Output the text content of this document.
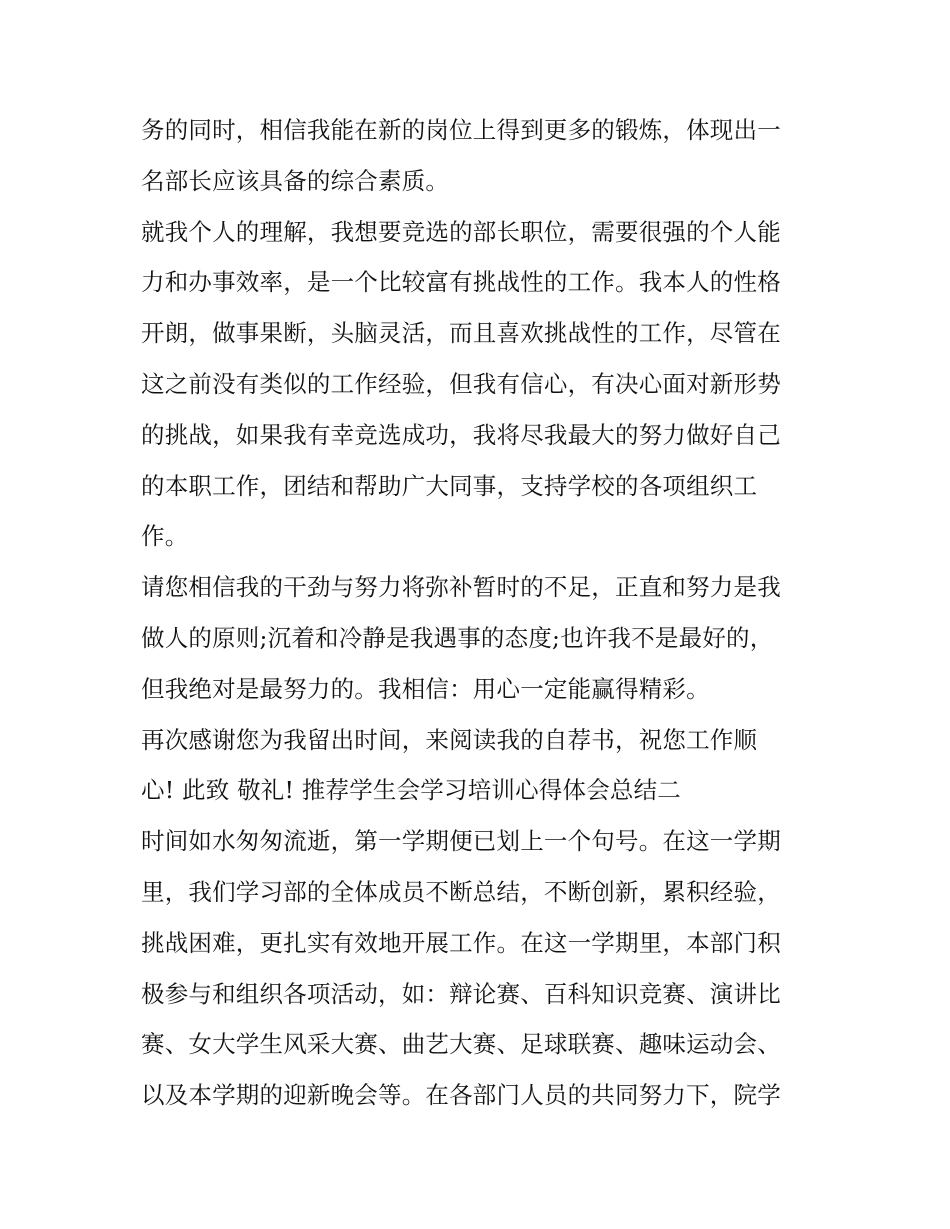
务的同时，相信我能在新的岗位上得到更多的锻炼，体现出一
名部长应该具备的综合素质。
就我个人的理解，我想要竞选的部长职位，需要很强的个人能
力和办事效率，是一个比较富有挑战性的工作。我本人的性格
开朗，做事果断，头脑灵活，而且喜欢挑战性的工作，尽管在
这之前没有类似的工作经验，但我有信心，有决心面对新形势
的挑战，如果我有幸竞选成功，我将尽我最大的努力做好自己
的本职工作，团结和帮助广大同事，支持学校的各项组织工
作。
请您相信我的干劲与努力将弥补暂时的不足，正直和努力是我
做人的原则;沉着和冷静是我遇事的态度;也许我不是最好的，
但我绝对是最努力的。我相信：用心一定能赢得精彩。
再次感谢您为我留出时间，来阅读我的自荐书，祝您工作顺
心! 此致 敬礼! 推荐学生会学习培训心得体会总结二
时间如水匆匆流逝，第一学期便已划上一个句号。在这一学期
里，我们学习部的全体成员不断总结，不断创新，累积经验，
挑战困难，更扎实有效地开展工作。在这一学期里，本部门积
极参与和组织各项活动，如：辩论赛、百科知识竞赛、演讲比
赛、女大学生风采大赛、曲艺大赛、足球联赛、趣味运动会、
以及本学期的迎新晚会等。在各部门人员的共同努力下，院学
